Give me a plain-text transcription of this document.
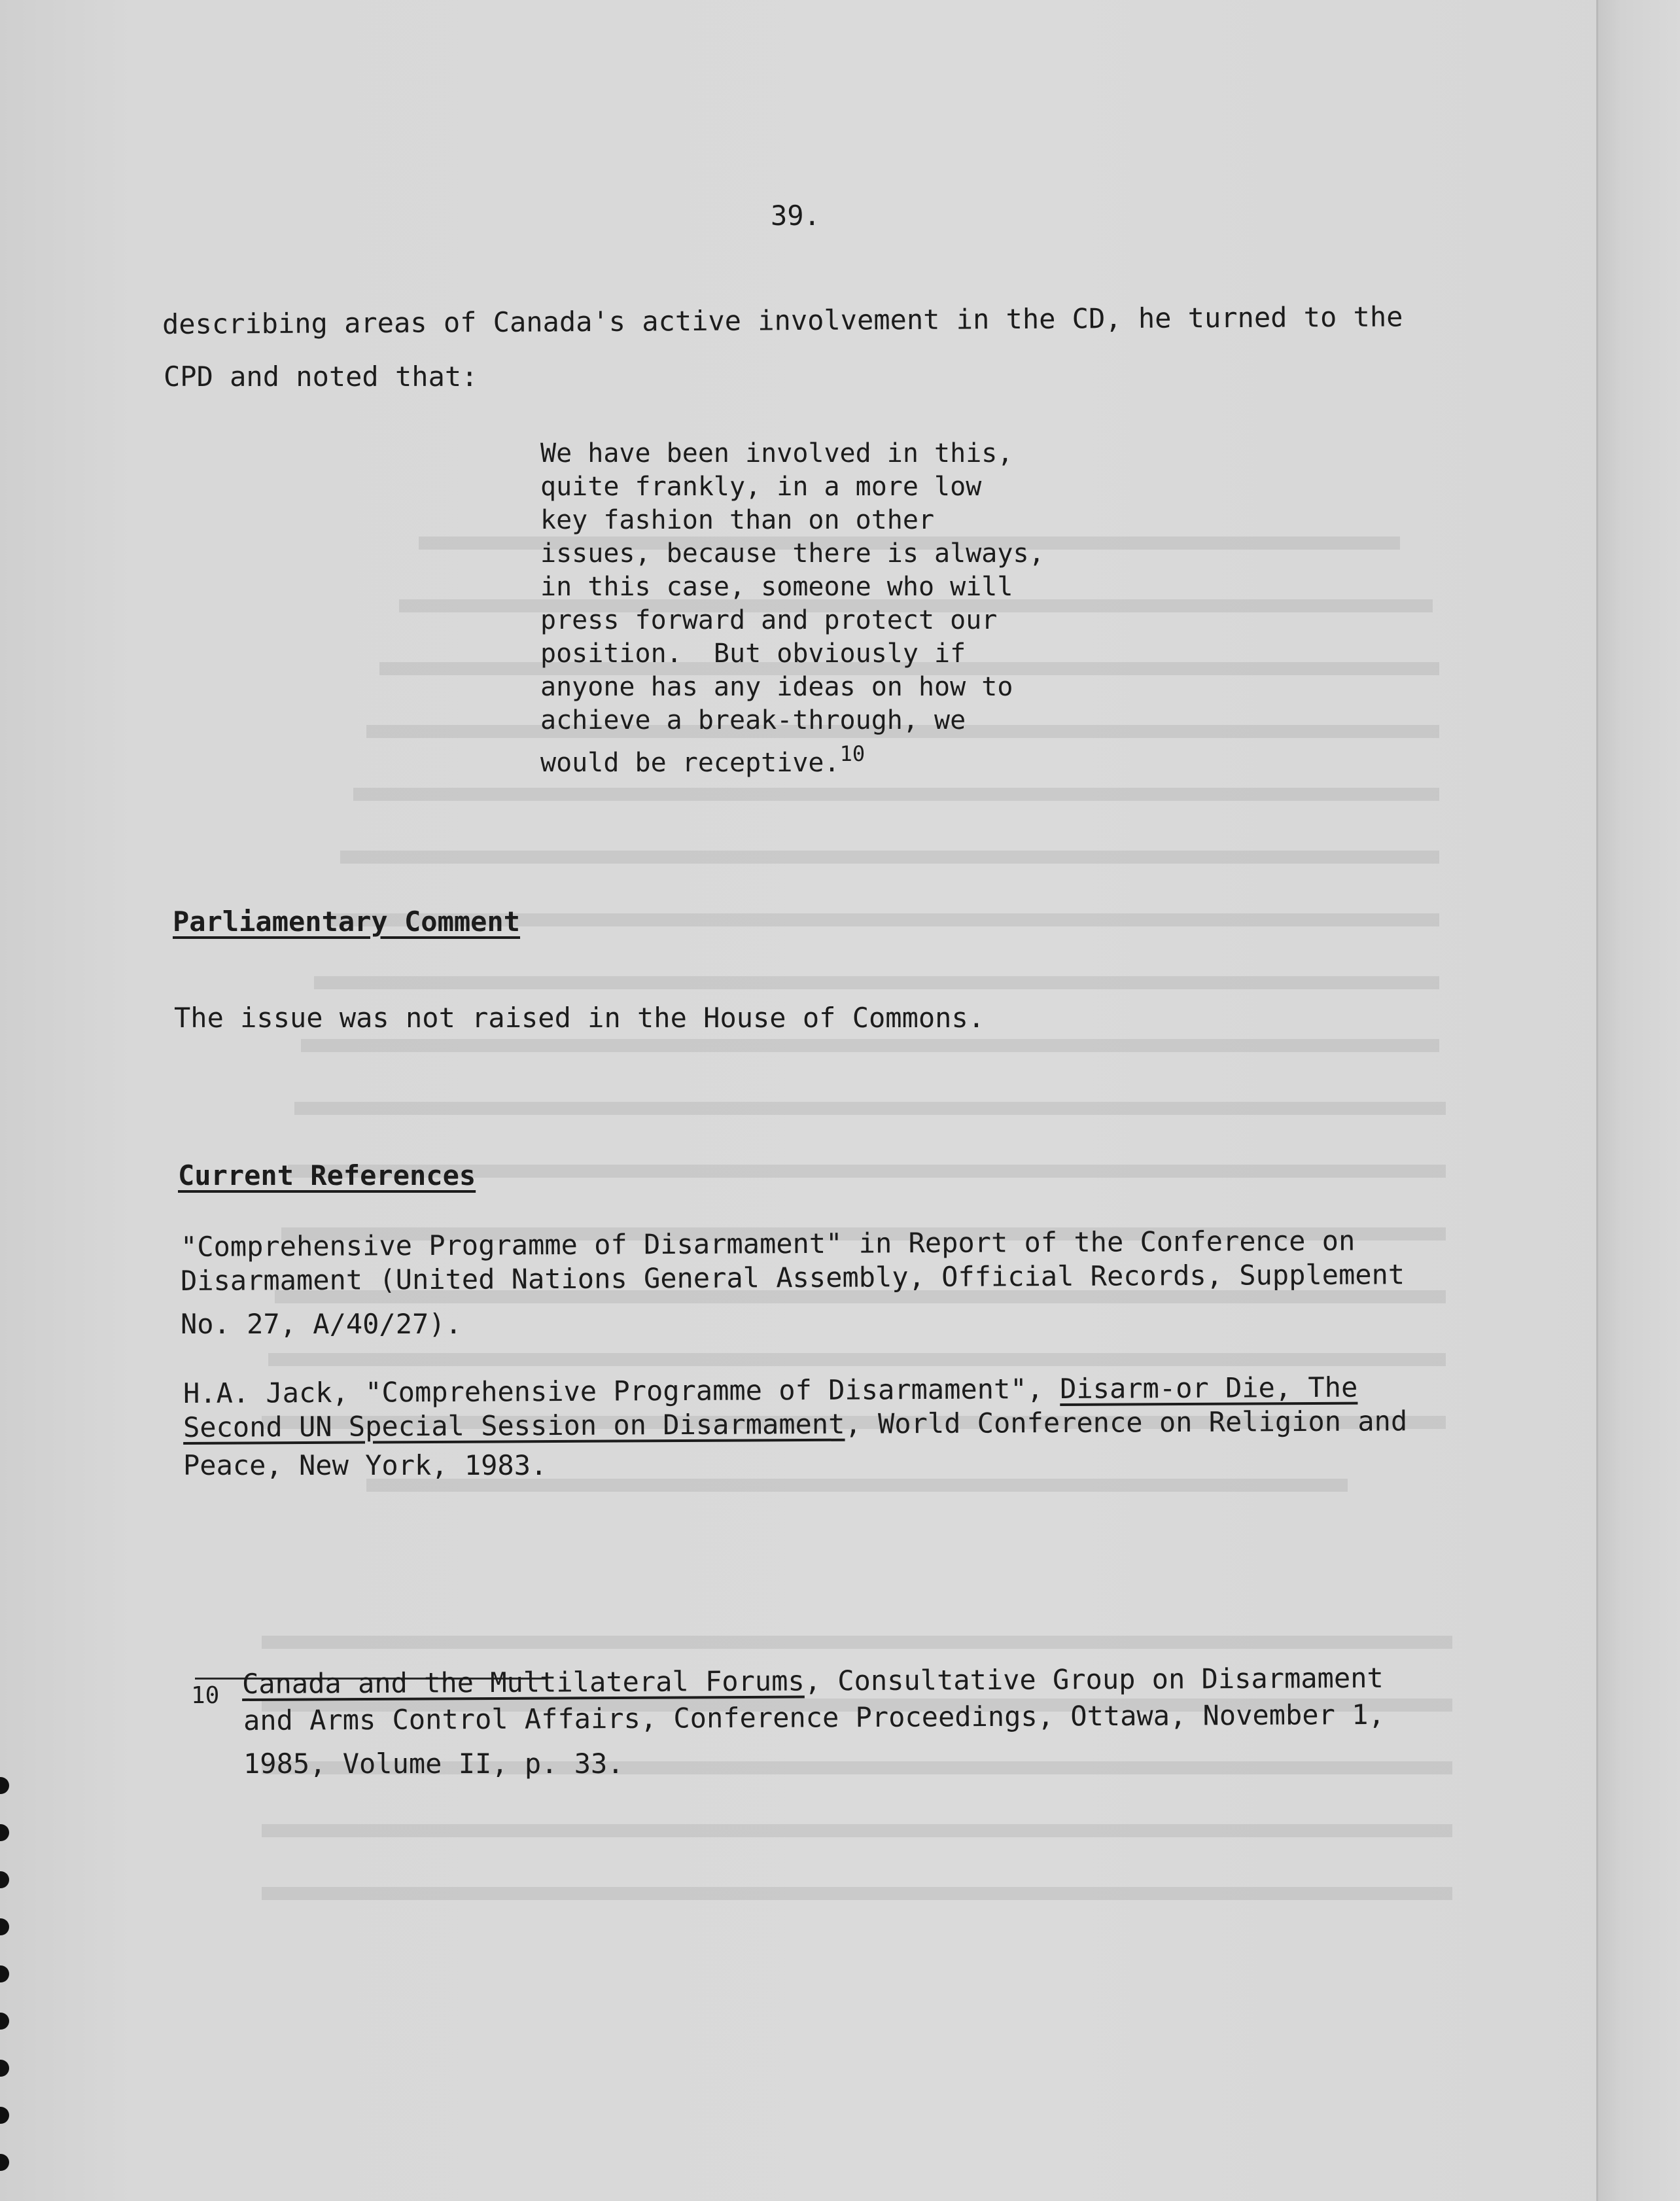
39.
describing areas of Canada's active involvement in the CD, he turned to the
CPD and noted that:
We have been involved in this,
quite frankly, in a more low
key fashion than on other
issues, because there is always,
in this case, someone who will
press forward and protect our
position.  But obviously if
anyone has any ideas on how to
achieve a break-through, we
would be receptive.$^{10}$
Parliamentary Comment
The issue was not raised in the House of Commons.
Current References
"Comprehensive Programme of Disarmament" in Report of the Conference on
Disarmament (United Nations General Assembly, Official Records, Supplement
No. 27, A/40/27).
H.A. Jack, "Comprehensive Programme of Disarmament", Disarm-or Die, The
Second UN Special Session on Disarmament, World Conference on Religion and
Peace, New York, 1983.
10 Canada and the Multilateral Forums, Consultative Group on Disarmament
and Arms Control Affairs, Conference Proceedings, Ottawa, November 1,
1985, Volume II, p. 33.
